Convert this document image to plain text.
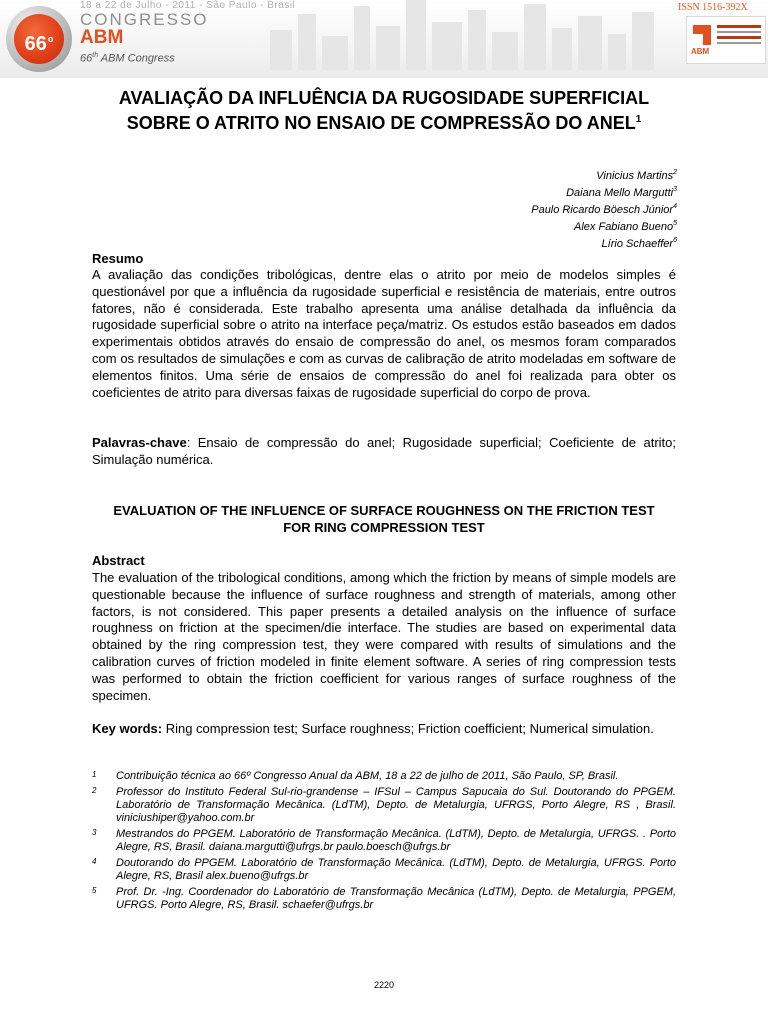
66$^o$
18 a 22 de Julho - 2011 - São Paulo - Brasil
CONGRESSO
ABM
66th ABM Congress
ISSN 1516-392X
ABM
AVALIAÇÃO DA INFLUÊNCIA DA RUGOSIDADE SUPERFICIAL SOBRE O ATRITO NO ENSAIO DE COMPRESSÃO DO ANEL$^1$
Vinicius Martins$^2$
Daiana Mello Margutti$^3$
Paulo Ricardo Böesch Júnior$^4$
Alex Fabiano Bueno$^5$
Lírio Schaeffer$^6$
Resumo

A avaliação das condições tribológicas, dentre elas o atrito por meio de modelos simples é questionável por que a influência da rugosidade superficial e resistência de materiais, entre outros fatores, não é considerada. Este trabalho apresenta uma análise detalhada da influência da rugosidade superficial sobre o atrito na interface peça/matriz. Os estudos estão baseados em dados experimentais obtidos através do ensaio de compressão do anel, os mesmos foram comparados com os resultados de simulações e com as curvas de calibração de atrito modeladas em software de elementos finitos. Uma série de ensaios de compressão do anel foi realizada para obter os coeficientes de atrito para diversas faixas de rugosidade superficial do corpo de prova.

Palavras-chave: Ensaio de compressão do anel; Rugosidade superficial; Coeficiente de atrito; Simulação numérica.

EVALUATION OF THE INFLUENCE OF SURFACE ROUGHNESS ON THE FRICTION TEST FOR RING COMPRESSION TEST
Abstract

The evaluation of the tribological conditions, among which the friction by means of simple models are questionable because the influence of surface roughness and strength of materials, among other factors, is not considered. This paper presents a detailed analysis on the influence of surface roughness on friction at the specimen/die interface. The studies are based on experimental data obtained by the ring compression test, they were compared with results of simulations and the calibration curves of friction modeled in finite element software. A series of ring compression tests was performed to obtain the friction coefficient for various ranges of surface roughness of the specimen.

Key words: Ring compression test; Surface roughness; Friction coefficient; Numerical simulation.

1	Contribuição técnica ao 66º Congresso Anual da ABM, 18 a 22 de julho de 2011, São Paulo, SP, Brasil.
2	Professor do Instituto Federal Sul-rio-grandense – IFSul – Campus Sapucaia do Sul. Doutorando do PPGEM. Laboratório de Transformação Mecânica. (LdTM), Depto. de Metalurgia, UFRGS, Porto Alegre, RS , Brasil. viniciushiper@yahoo.com.br
3	Mestrandos do PPGEM. Laboratório de Transformação Mecânica. (LdTM), Depto. de Metalurgia, UFRGS. . Porto Alegre, RS, Brasil. daiana.margutti@ufrgs.br paulo.boesch@ufrgs.br
4	Doutorando do PPGEM. Laboratório de Transformação Mecânica. (LdTM), Depto. de Metalurgia, UFRGS. Porto Alegre, RS, Brasil alex.bueno@ufrgs.br
5	Prof. Dr. -Ing. Coordenador do Laboratório de Transformação Mecânica (LdTM), Depto. de Metalurgia, PPGEM, UFRGS. Porto Alegre, RS, Brasil. schaefer@ufrgs.br
2220
